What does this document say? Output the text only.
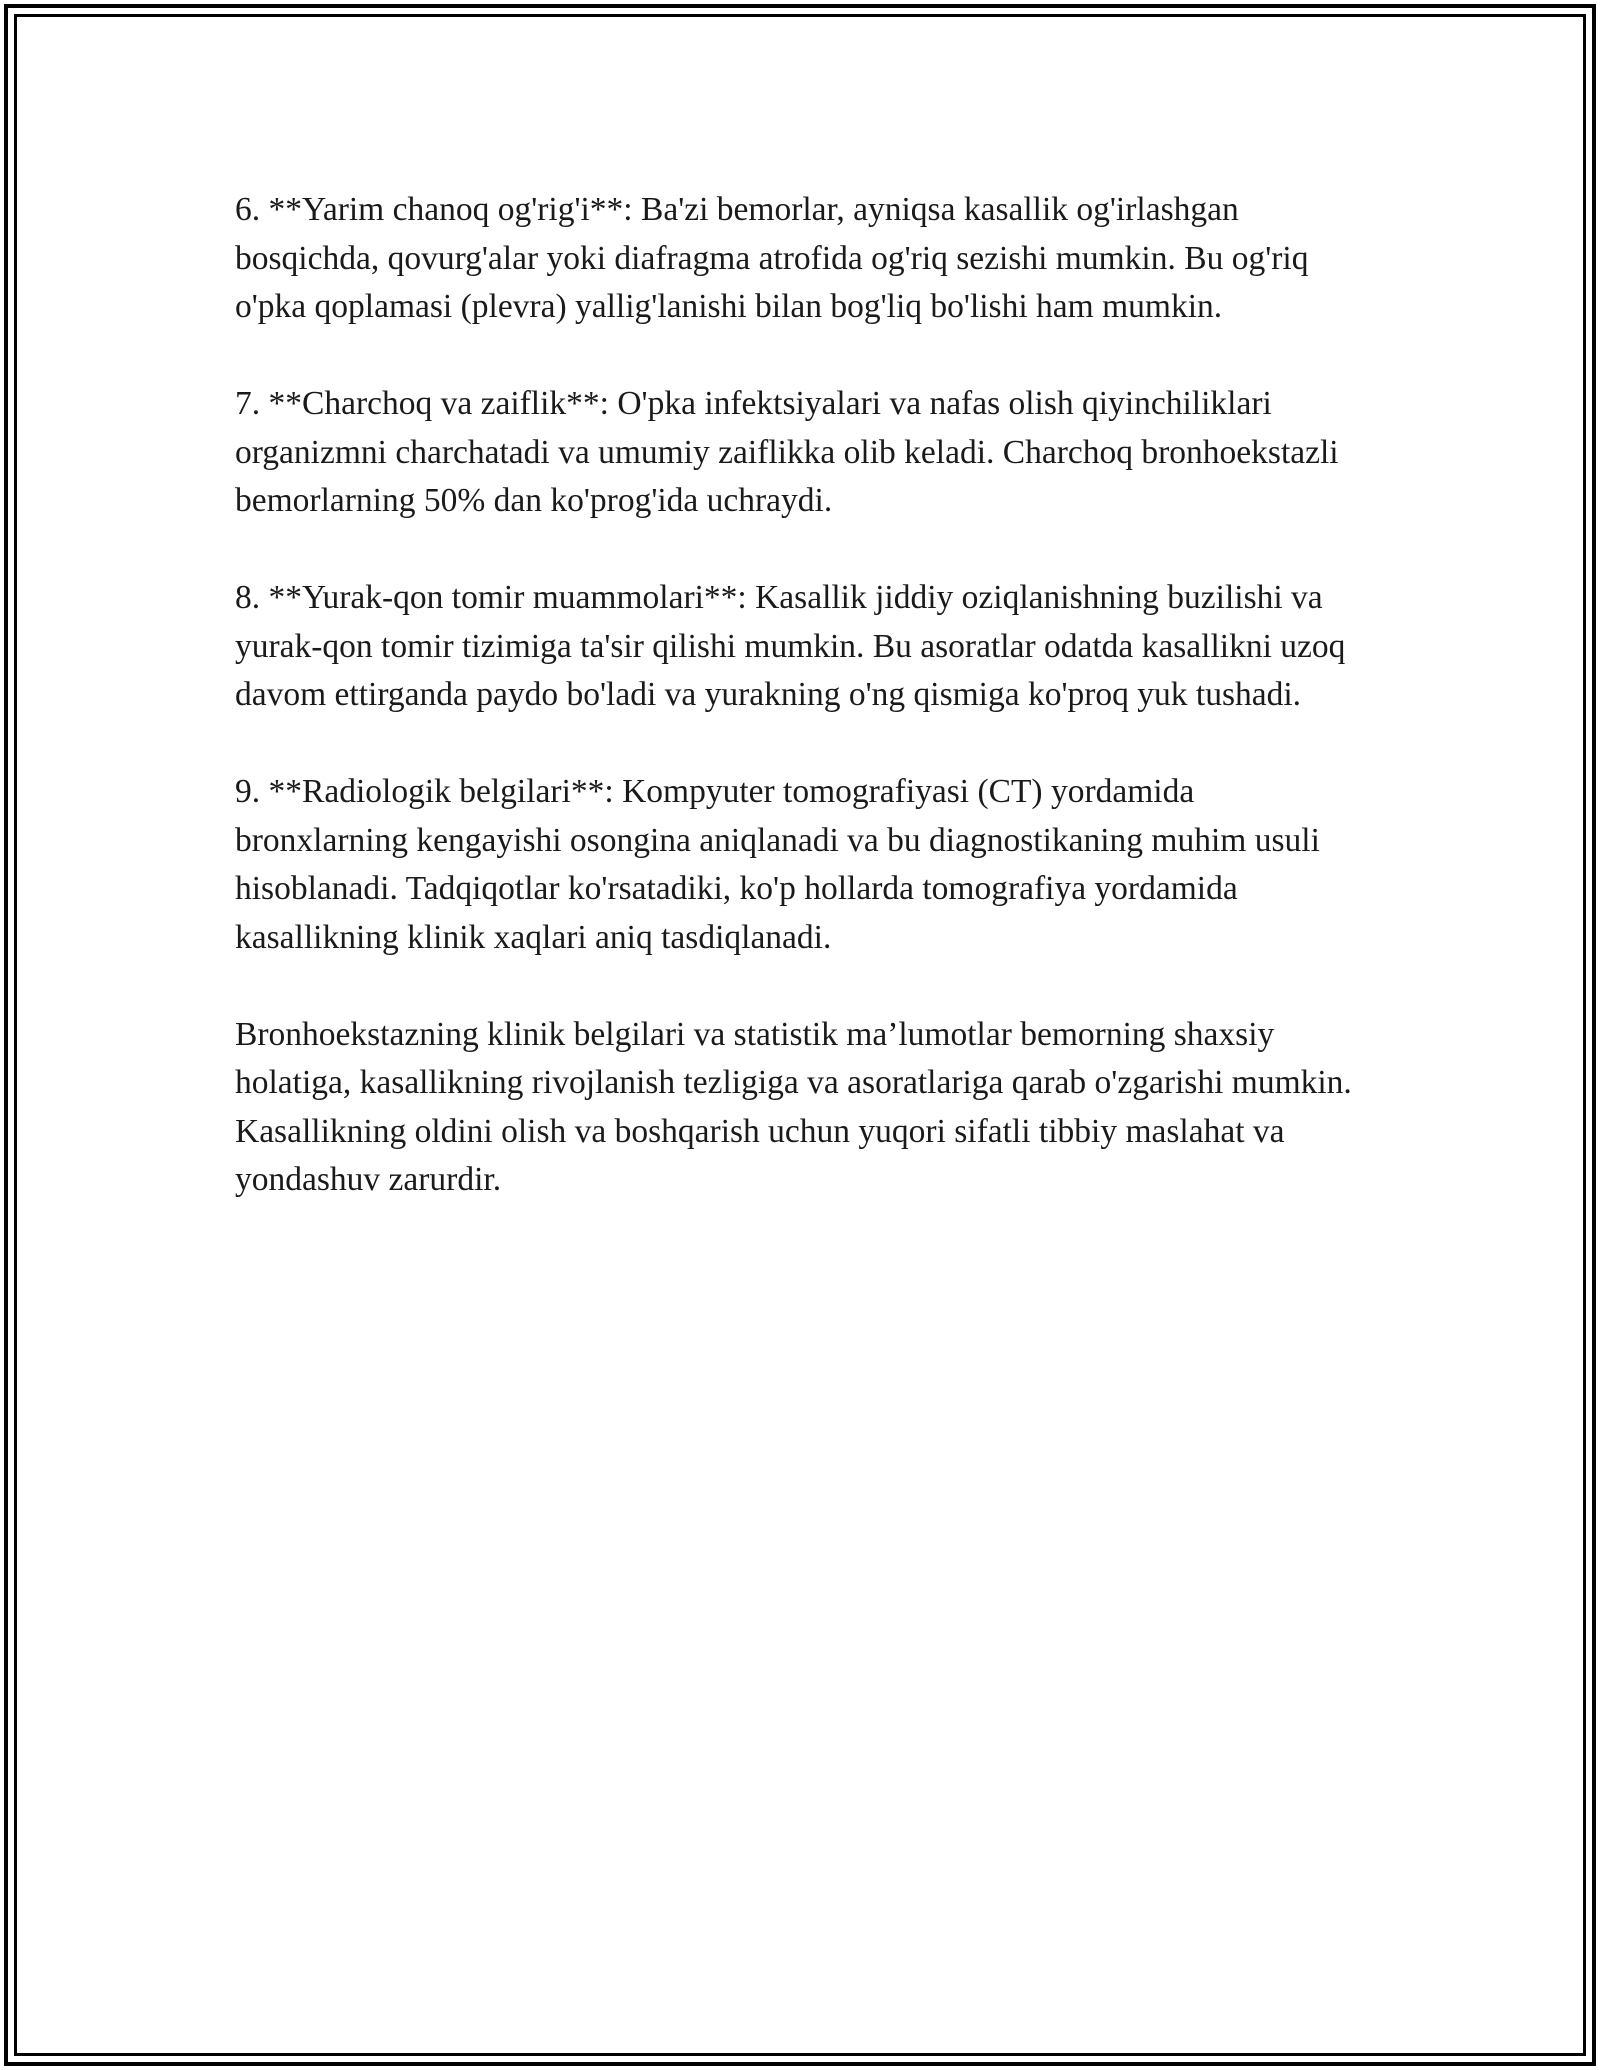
6. **Yarim chanoq og'rig'i**: Ba'zi bemorlar, ayniqsa kasallik og'irlashgan bosqichda, qovurg'alar yoki diafragma atrofida og'riq sezishi mumkin. Bu og'riq o'pka qoplamasi (plevra) yallig'lanishi bilan bog'liq bo'lishi ham mumkin.

7. **Charchoq va zaiflik**: O'pka infektsiyalari va nafas olish qiyinchiliklari organizmni charchatadi va umumiy zaiflikka olib keladi. Charchoq bronhoekstazli bemorlarning 50% dan ko'prog'ida uchraydi.

8. **Yurak-qon tomir muammolari**: Kasallik jiddiy oziqlanishning buzilishi va yurak-qon tomir tizimiga ta'sir qilishi mumkin. Bu asoratlar odatda kasallikni uzoq davom ettirganda paydo bo'ladi va yurakning o'ng qismiga ko'proq yuk tushadi.

9. **Radiologik belgilari**: Kompyuter tomografiyasi (CT) yordamida bronxlarning kengayishi osongina aniqlanadi va bu diagnostikaning muhim usuli hisoblanadi. Tadqiqotlar ko'rsatadiki, ko'p hollarda tomografiya yordamida kasallikning klinik xaqlari aniq tasdiqlanadi.

Bronhoekstazning klinik belgilari va statistik ma’lumotlar bemorning shaxsiy holatiga, kasallikning rivojlanish tezligiga va asoratlariga qarab o'zgarishi mumkin. Kasallikning oldini olish va boshqarish uchun yuqori sifatli tibbiy maslahat va yondashuv zarurdir.
